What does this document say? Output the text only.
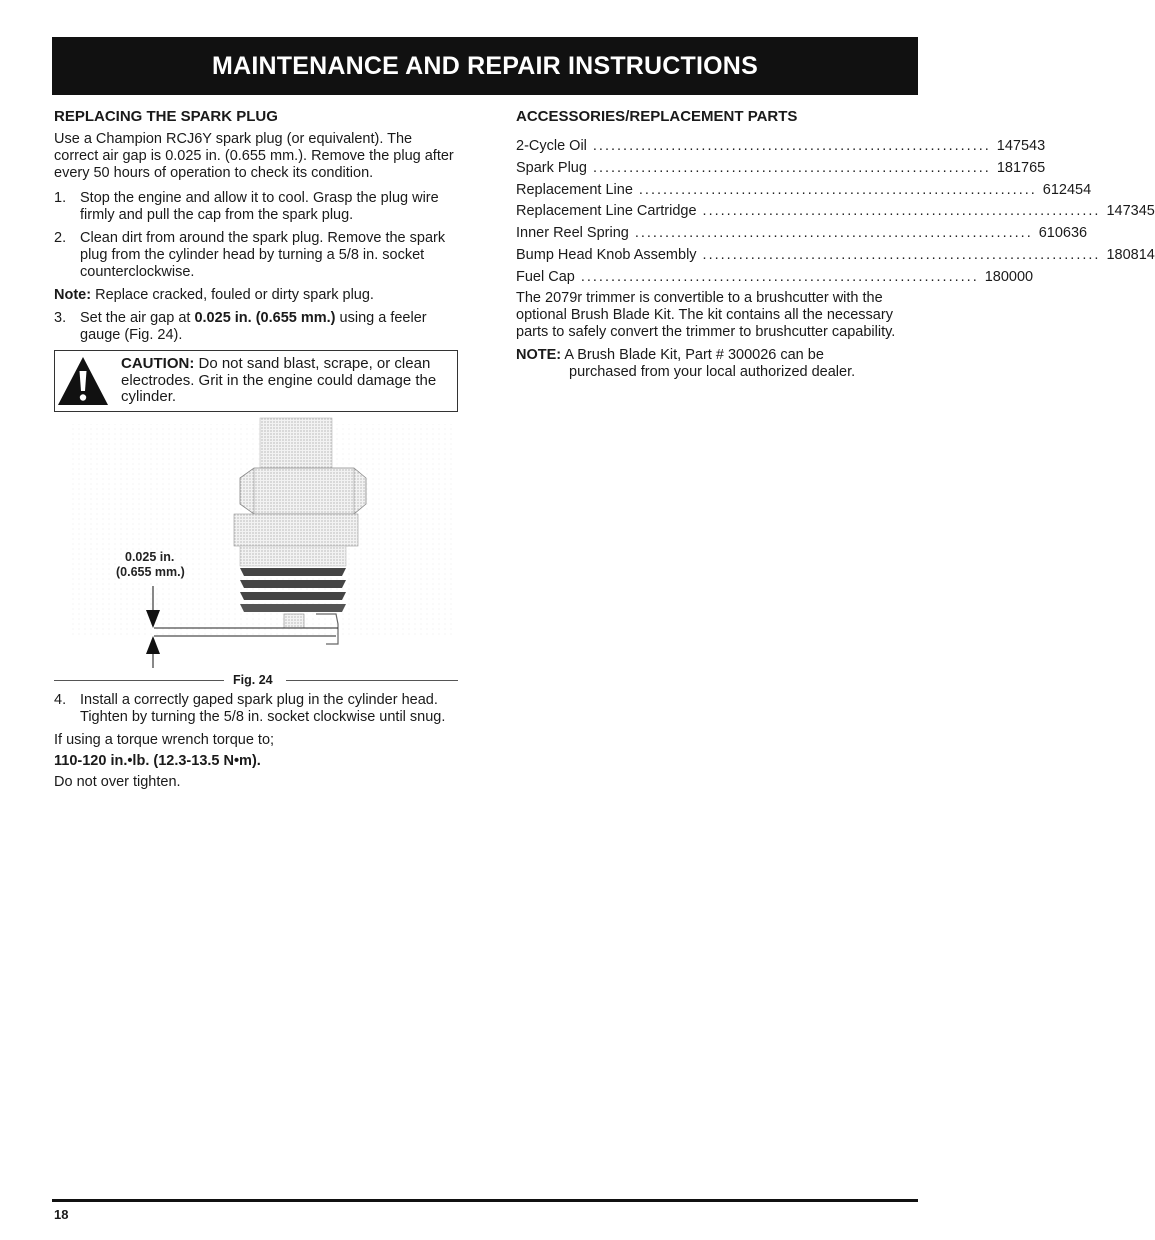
MAINTENANCE AND REPAIR INSTRUCTIONS
REPLACING THE SPARK PLUG
Use a Champion RCJ6Y spark plug (or equivalent). The correct air gap is 0.025 in. (0.655 mm.). Remove the plug after every 50 hours of operation to check its condition.
1. Stop the engine and allow it to cool. Grasp the plug wire firmly and pull the cap from the spark plug.
2. Clean dirt from around the spark plug. Remove the spark plug from the cylinder head by turning a 5/8 in. socket counterclockwise.
Note: Replace cracked, fouled or dirty spark plug.
3. Set the air gap at 0.025 in. (0.655 mm.) using a feeler gauge (Fig. 24).
CAUTION: Do not sand blast, scrape, or clean electrodes. Grit in the engine could damage the cylinder.
0.025 in.
(0.655 mm.)
Fig. 24
4. Install a correctly gaped spark plug in the cylinder head. Tighten by turning the 5/8 in. socket clockwise until snug.
If using a torque wrench torque to;
110-120 in.•lb. (12.3-13.5 N•m).
Do not over tighten.
ACCESSORIES/REPLACEMENT PARTS
2-Cycle Oil .................................................................. 147543
Spark Plug .................................................................. 181765
Replacement Line .................................................................. 612454
Replacement Line Cartridge .................................................................. 147345
Inner Reel Spring .................................................................. 610636
Bump Head Knob Assembly .................................................................. 180814
Fuel Cap .................................................................. 180000
The 2079r trimmer is convertible to a brushcutter with the optional Brush Blade Kit. The kit contains all the necessary parts to safely convert the trimmer to brushcutter capability.
NOTE: A Brush Blade Kit, Part # 300026 can be
purchased from your local authorized dealer.
18
